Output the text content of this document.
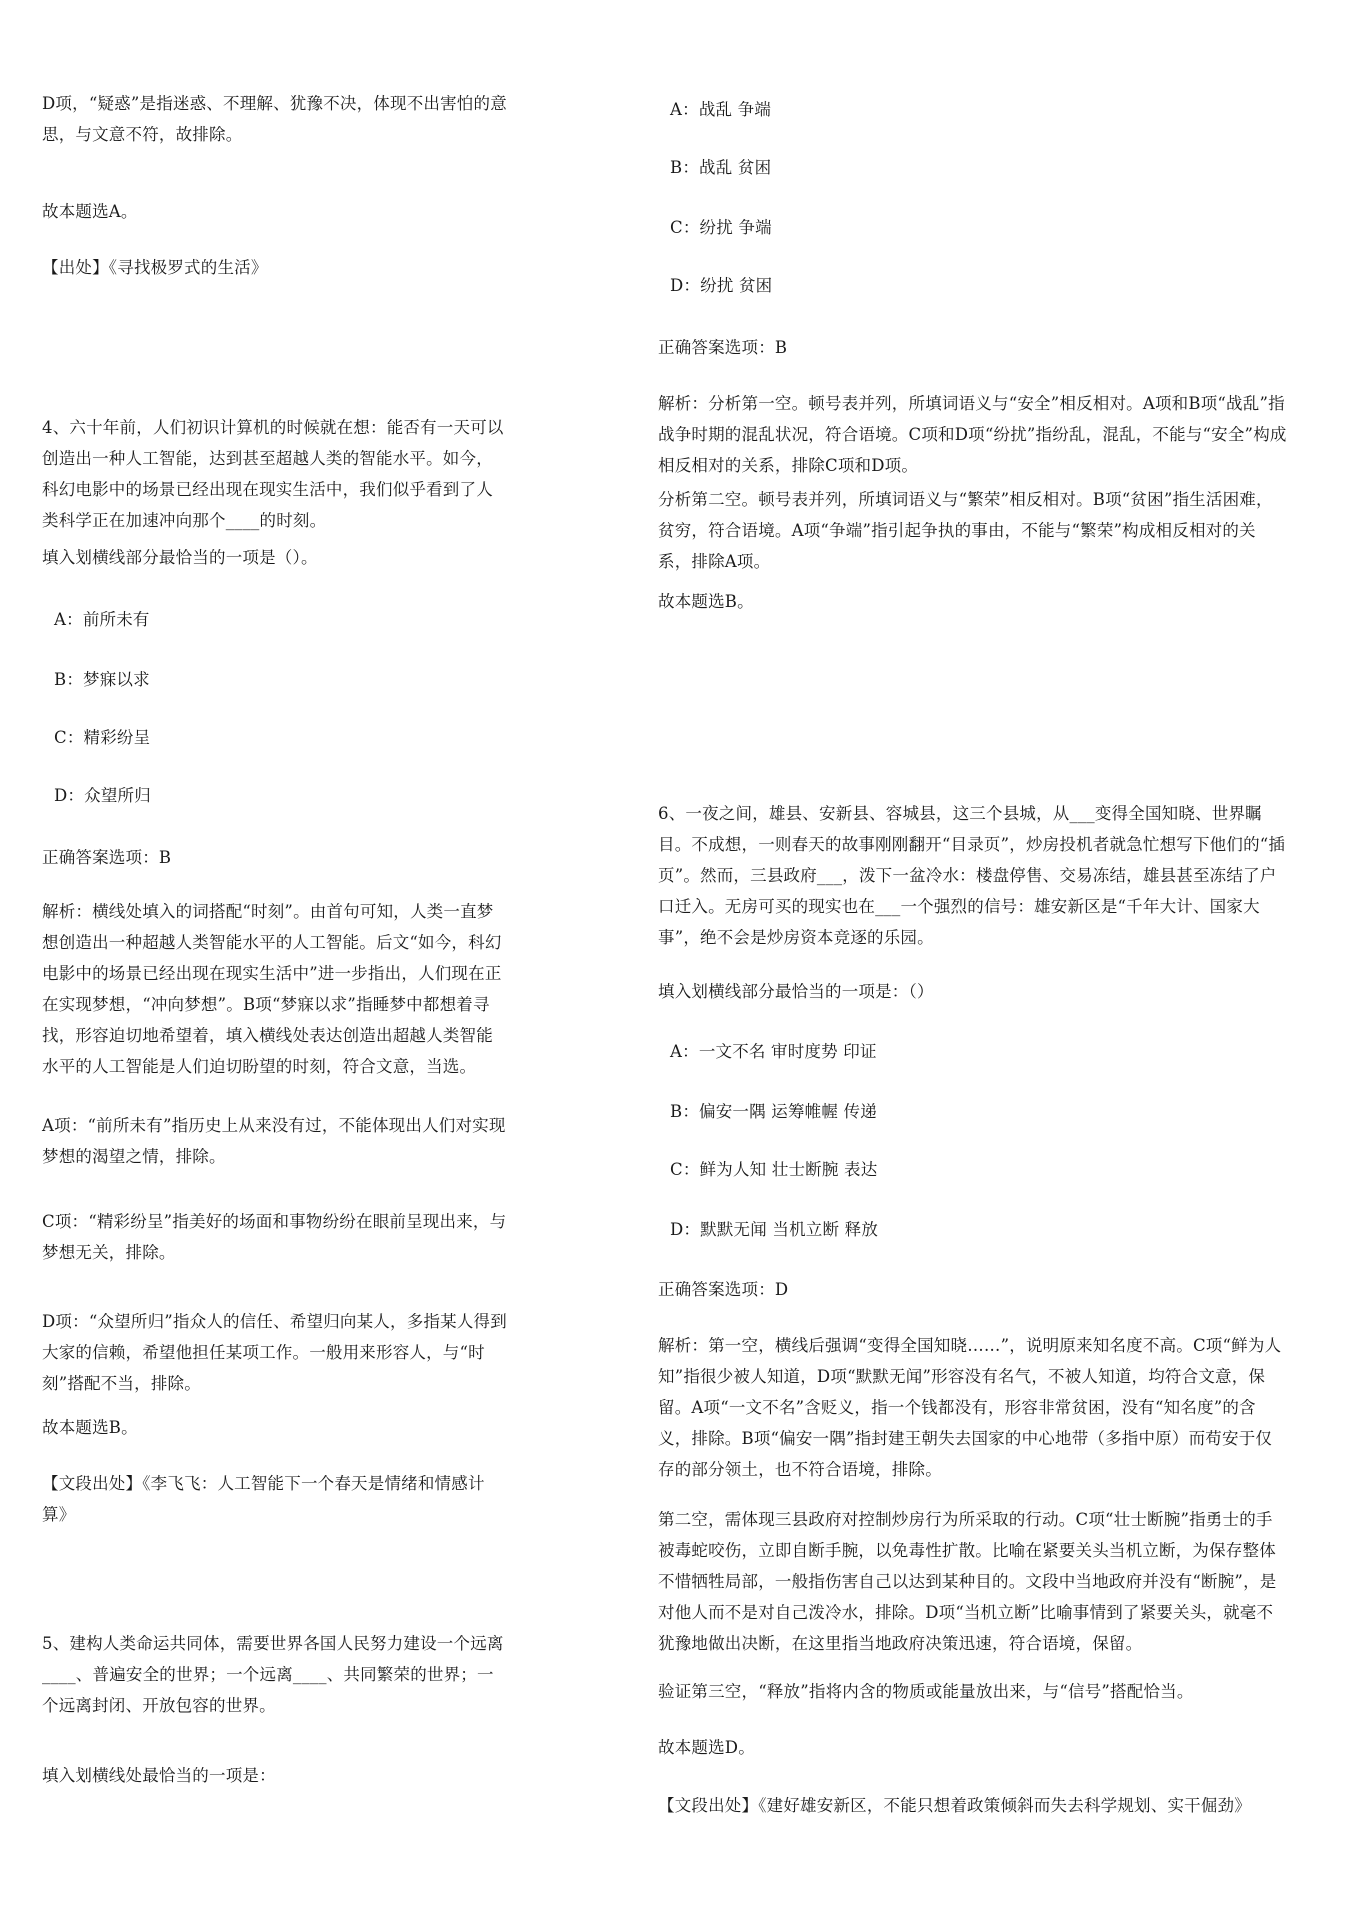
D项，“疑惑”是指迷惑、不理解、犹豫不决，体现不出害怕的意思，与文意不符，故排除。

故本题选A。

【出处】《寻找极罗式的生活》

4、六十年前，人们初识计算机的时候就在想：能否有一天可以创造出一种人工智能，达到甚至超越人类的智能水平。如今，科幻电影中的场景已经出现在现实生活中，我们似乎看到了人类科学正在加速冲向那个____的时刻。

填入划横线部分最恰当的一项是（）。

A：前所未有

B：梦寐以求

C：精彩纷呈

D：众望所归

正确答案选项：B

解析：横线处填入的词搭配“时刻”。由首句可知，人类一直梦想创造出一种超越人类智能水平的人工智能。后文“如今，科幻电影中的场景已经出现在现实生活中”进一步指出，人们现在正在实现梦想，“冲向梦想”。B项“梦寐以求”指睡梦中都想着寻找，形容迫切地希望着，填入横线处表达创造出超越人类智能水平的人工智能是人们迫切盼望的时刻，符合文意，当选。

A项：“前所未有”指历史上从来没有过，不能体现出人们对实现梦想的渴望之情，排除。

C项：“精彩纷呈”指美好的场面和事物纷纷在眼前呈现出来，与梦想无关，排除。

D项：“众望所归”指众人的信任、希望归向某人，多指某人得到大家的信赖，希望他担任某项工作。一般用来形容人，与“时刻”搭配不当，排除。

故本题选B。

【文段出处】《李飞飞：人工智能下一个春天是情绪和情感计算》

5、建构人类命运共同体，需要世界各国人民努力建设一个远离____、普遍安全的世界；一个远离____、共同繁荣的世界；一个远离封闭、开放包容的世界。

填入划横线处最恰当的一项是：

A：战乱 争端

B：战乱 贫困

C：纷扰 争端

D：纷扰 贫困

正确答案选项：B

解析：分析第一空。顿号表并列，所填词语义与“安全”相反相对。A项和B项“战乱”指战争时期的混乱状况，符合语境。C项和D项“纷扰”指纷乱，混乱，不能与“安全”构成相反相对的关系，排除C项和D项。

分析第二空。顿号表并列，所填词语义与“繁荣”相反相对。B项“贫困”指生活困难，贫穷，符合语境。A项“争端”指引起争执的事由，不能与“繁荣”构成相反相对的关系，排除A项。

故本题选B。

6、一夜之间，雄县、安新县、容城县，这三个县城，从___变得全国知晓、世界瞩目。不成想，一则春天的故事刚刚翻开“目录页”，炒房投机者就急忙想写下他们的“插页”。然而，三县政府___，泼下一盆冷水：楼盘停售、交易冻结，雄县甚至冻结了户口迁入。无房可买的现实也在___一个强烈的信号：雄安新区是“千年大计、国家大事”，绝不会是炒房资本竞逐的乐园。

填入划横线部分最恰当的一项是：（）

A：一文不名 审时度势 印证

B：偏安一隅 运筹帷幄 传递

C：鲜为人知 壮士断腕 表达

D：默默无闻 当机立断 释放

正确答案选项：D

解析：第一空，横线后强调“变得全国知晓……”，说明原来知名度不高。C项“鲜为人知”指很少被人知道，D项“默默无闻”形容没有名气，不被人知道，均符合文意，保留。A项“一文不名”含贬义，指一个钱都没有，形容非常贫困，没有“知名度”的含义，排除。B项“偏安一隅”指封建王朝失去国家的中心地带（多指中原）而苟安于仅存的部分领土，也不符合语境，排除。

第二空，需体现三县政府对控制炒房行为所采取的行动。C项“壮士断腕”指勇士的手被毒蛇咬伤，立即自断手腕，以免毒性扩散。比喻在紧要关头当机立断，为保存整体不惜牺牲局部，一般指伤害自己以达到某种目的。文段中当地政府并没有“断腕”，是对他人而不是对自己泼冷水，排除。D项“当机立断”比喻事情到了紧要关头，就毫不犹豫地做出决断，在这里指当地政府决策迅速，符合语境，保留。

验证第三空，“释放”指将内含的物质或能量放出来，与“信号”搭配恰当。

故本题选D。

【文段出处】《建好雄安新区，不能只想着政策倾斜而失去科学规划、实干倔劲》
